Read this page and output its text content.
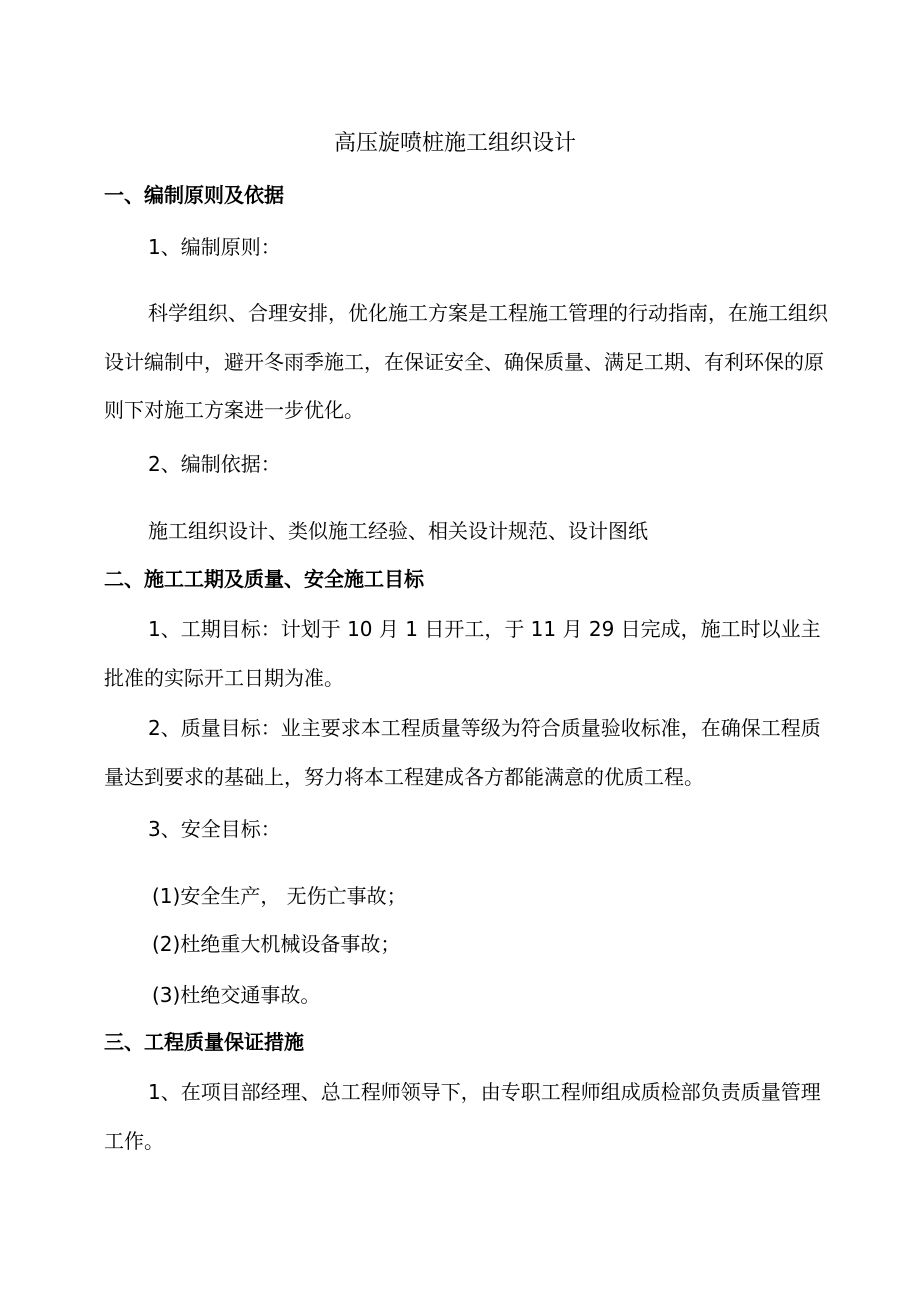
高压旋喷桩施工组织设计
一、编制原则及依据
1、编制原则：
科学组织、合理安排，优化施工方案是工程施工管理的行动指南，在施工组织
设计编制中，避开冬雨季施工，在保证安全、确保质量、满足工期、有利环保的原
则下对施工方案进一步优化。
2、编制依据：
施工组织设计、类似施工经验、相关设计规范、设计图纸
二、施工工期及质量、安全施工目标
1、工期目标：计划于 10 月 1 日开工，于 11 月 29 日完成，施工时以业主
批准的实际开工日期为准。
2、质量目标：业主要求本工程质量等级为符合质量验收标准，在确保工程质
量达到要求的基础上，努力将本工程建成各方都能满意的优质工程。
3、安全目标：
(1)安全生产， 无伤亡事故；
(2)杜绝重大机械设备事故；
(3)杜绝交通事故。
三、工程质量保证措施
1、在项目部经理、总工程师领导下，由专职工程师组成质检部负责质量管理
工作。
